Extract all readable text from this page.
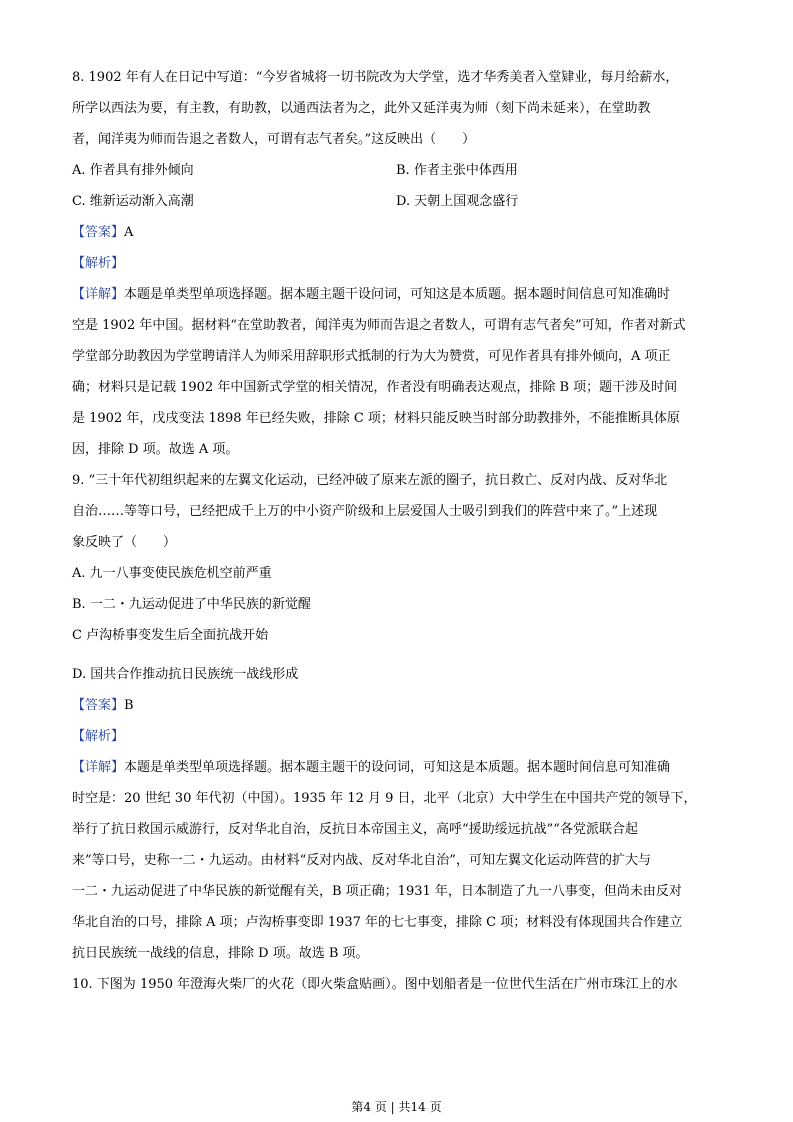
8. 1902 年有人在日记中写道：“今岁省城将一切书院改为大学堂，选才华秀美者入堂肄业，每月给薪水，
所学以西法为要，有主教，有助教，以通西法者为之，此外又延洋夷为师（刻下尚未延来），在堂助教
者，闻洋夷为师而告退之者数人，可谓有志气者矣。”这反映出（　　）
A. 作者具有排外倾向	B. 作者主张中体西用
C. 维新运动渐入高潮	D. 天朝上国观念盛行
【答案】A
【解析】
【详解】本题是单类型单项选择题。据本题主题干设问词，可知这是本质题。据本题时间信息可知准确时
空是 1902 年中国。据材料“在堂助教者，闻洋夷为师而告退之者数人，可谓有志气者矣”可知，作者对新式
学堂部分助教因为学堂聘请洋人为师采用辞职形式抵制的行为大为赞赏，可见作者具有排外倾向，A 项正
确；材料只是记载 1902 年中国新式学堂的相关情况，作者没有明确表达观点，排除 B 项；题干涉及时间
是 1902 年，戊戌变法 1898 年已经失败，排除 C 项；材料只能反映当时部分助教排外，不能推断具体原
因，排除 D 项。故选 A 项。
9. “三十年代初组织起来的左翼文化运动，已经冲破了原来左派的圈子，抗日救亡、反对内战、反对华北
自治……等等口号，已经把成千上万的中小资产阶级和上层爱国人士吸引到我们的阵营中来了。”上述现
象反映了（　　）
A. 九一八事变使民族危机空前严重
B. 一二・九运动促进了中华民族的新觉醒
C 卢沟桥事变发生后全面抗战开始
D. 国共合作推动抗日民族统一战线形成
【答案】B
【解析】
【详解】本题是单类型单项选择题。据本题主题干的设问词，可知这是本质题。据本题时间信息可知准确
时空是：20 世纪 30 年代初（中国）。1935 年 12 月 9 日，北平（北京）大中学生在中国共产党的领导下，
举行了抗日救国示威游行，反对华北自治，反抗日本帝国主义，高呼“援助绥远抗战”“各党派联合起
来”等口号，史称一二・九运动。由材料“反对内战、反对华北自治”，可知左翼文化运动阵营的扩大与
一二・九运动促进了中华民族的新觉醒有关，B 项正确；1931 年，日本制造了九一八事变，但尚未由反对
华北自治的口号，排除 A 项；卢沟桥事变即 1937 年的七七事变，排除 C 项；材料没有体现国共合作建立
抗日民族统一战线的信息，排除 D 项。故选 B 项。
10. 下图为 1950 年澄海火柴厂的火花（即火柴盒贴画）。图中划船者是一位世代生活在广州市珠江上的水
第4 页 | 共14 页
